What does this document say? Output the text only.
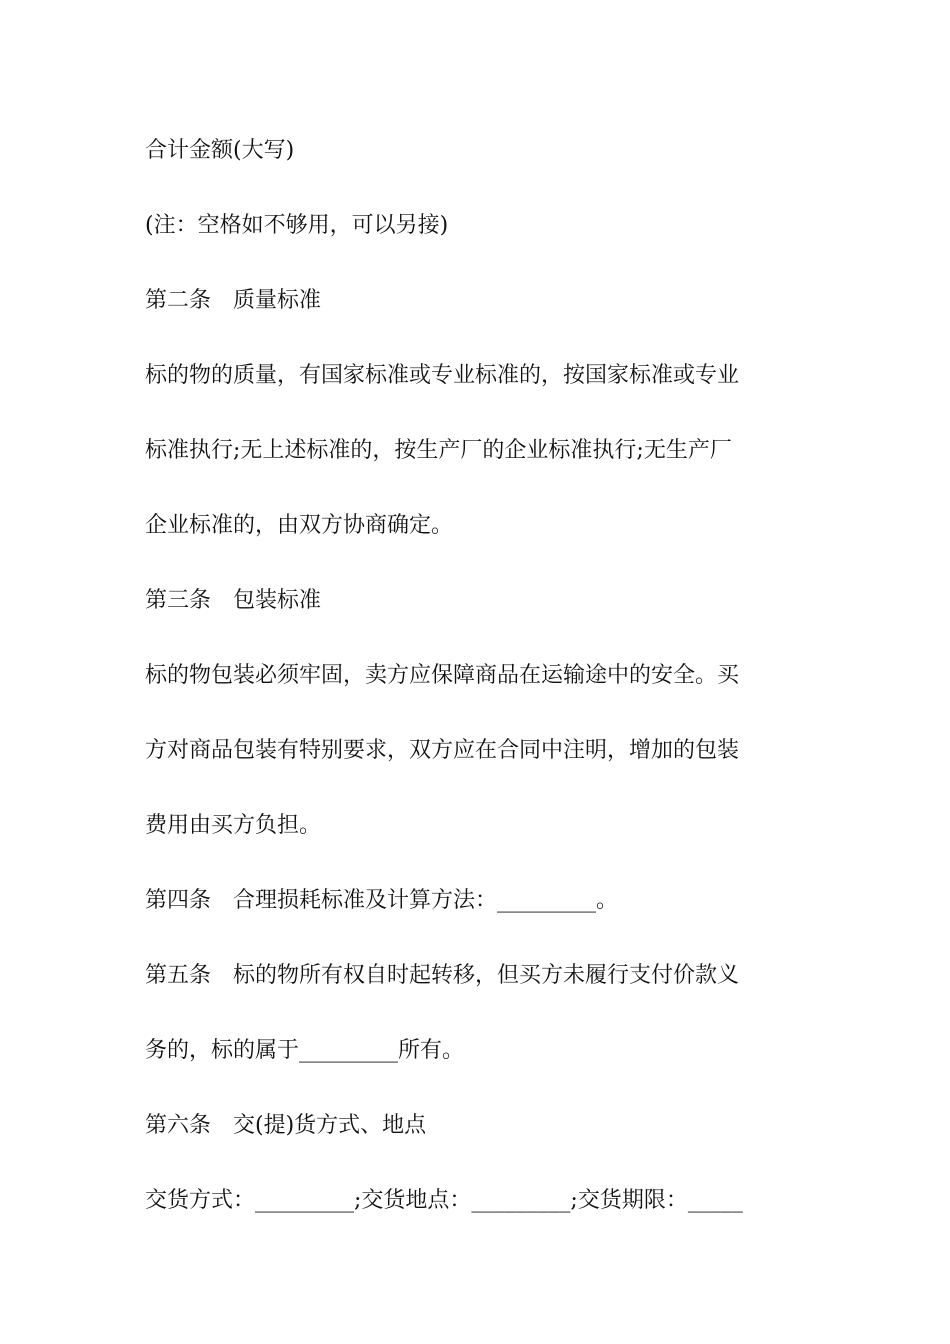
合计金额(大写)
(注：空格如不够用，可以另接)
第二条　质量标准
标的物的质量，有国家标准或专业标准的，按国家标准或专业
标准执行;无上述标准的，按生产厂的企业标准执行;无生产厂
企业标准的，由双方协商确定。
第三条　包装标准
标的物包装必须牢固，卖方应保障商品在运输途中的安全。买
方对商品包装有特别要求，双方应在合同中注明，增加的包装
费用由买方负担。
第四条　合理损耗标准及计算方法：_________。
第五条　标的物所有权自时起转移，但买方未履行支付价款义
务的，标的属于_________所有。
第六条　交(提)货方式、地点
交货方式：_________;交货地点：_________;交货期限：_____
